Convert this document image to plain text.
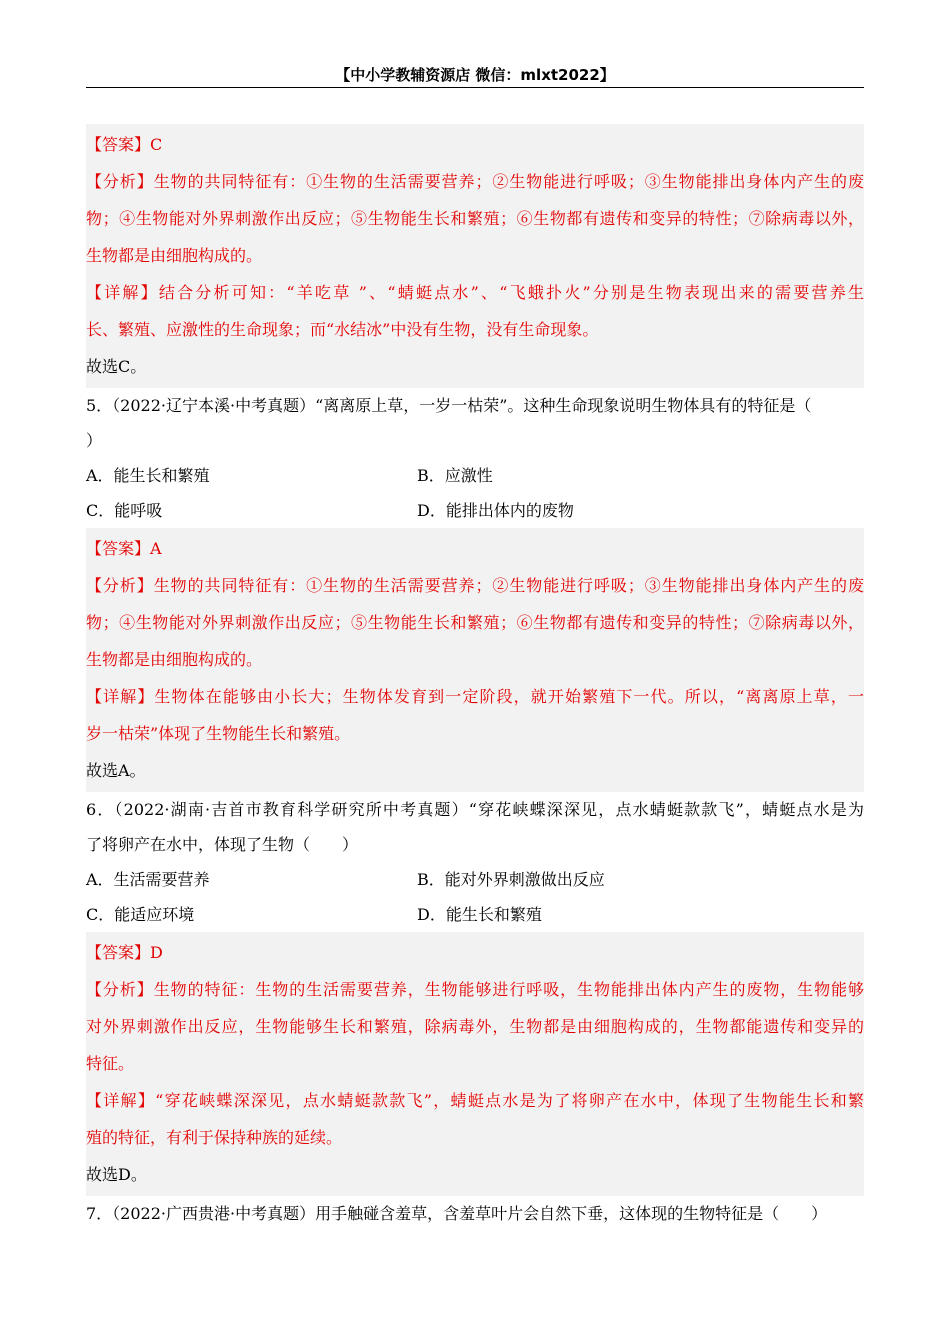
【中小学教辅资源店 微信：mlxt2022】
【答案】C
【分析】生物的共同特征有：①生物的生活需要营养；②生物能进行呼吸；③生物能排出身体内产生的废
物；④生物能对外界刺激作出反应；⑤生物能生长和繁殖；⑥生物都有遗传和变异的特性；⑦除病毒以外，
生物都是由细胞构成的。
【详解】结合分析可知：“羊吃草 ”、“蜻蜓点水”、“飞蛾扑火”分别是生物表现出来的需要营养生
长、繁殖、应激性的生命现象；而“水结冰”中没有生物，没有生命现象。
故选C。
5．（2022·辽宁本溪·中考真题）“离离原上草，一岁一枯荣”。这种生命现象说明生物体具有的特征是（
）
A．能生长和繁殖	B．应激性
C．能呼吸	D．能排出体内的废物
【答案】A
【分析】生物的共同特征有：①生物的生活需要营养；②生物能进行呼吸；③生物能排出身体内产生的废
物；④生物能对外界刺激作出反应；⑤生物能生长和繁殖；⑥生物都有遗传和变异的特性；⑦除病毒以外，
生物都是由细胞构成的。
【详解】生物体在能够由小长大；生物体发育到一定阶段，就开始繁殖下一代。所以，“离离原上草，一
岁一枯荣”体现了生物能生长和繁殖。
故选A。
6．（2022·湖南·吉首市教育科学研究所中考真题）“穿花峡蝶深深见，点水蜻蜓款款飞”，蜻蜓点水是为
了将卵产在水中，体现了生物（　　）
A．生活需要营养	B．能对外界刺激做出反应
C．能适应环境	D．能生长和繁殖
【答案】D
【分析】生物的特征：生物的生活需要营养，生物能够进行呼吸，生物能排出体内产生的废物，生物能够
对外界刺激作出反应，生物能够生长和繁殖，除病毒外，生物都是由细胞构成的，生物都能遗传和变异的
特征。
【详解】“穿花峡蝶深深见，点水蜻蜓款款飞”，蜻蜓点水是为了将卵产在水中，体现了生物能生长和繁
殖的特征，有利于保持种族的延续。
故选D。
7．（2022·广西贵港·中考真题）用手触碰含羞草，含羞草叶片会自然下垂，这体现的生物特征是（　　）
